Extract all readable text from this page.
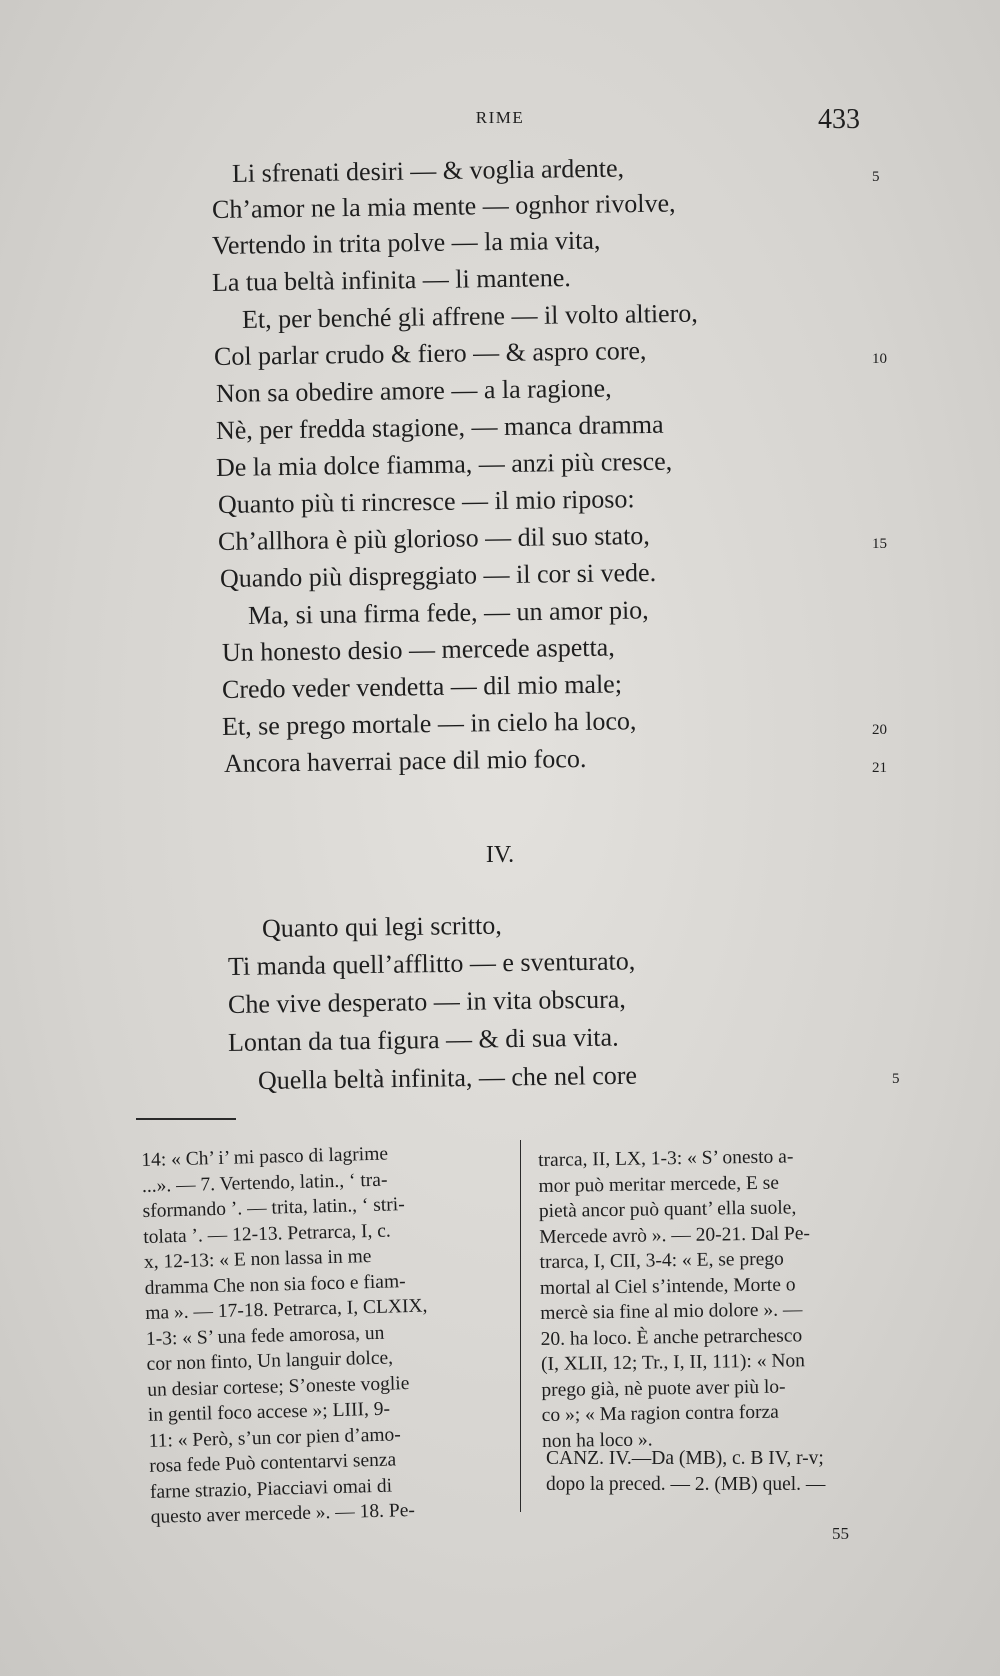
RIME	433
Li sfrenati desiri — & voglia ardente,
Ch’amor ne la mia mente — ognhor rivolve,
Vertendo in trita polve — la mia vita,
La tua beltà infinita — li mantene.
Et, per benché gli affrene — il volto altiero,
Col parlar crudo & fiero — & aspro core,
Non sa obedire amore — a la ragione,
Nè, per fredda stagione, — manca dramma
De la mia dolce fiamma, — anzi più cresce,
Quanto più ti rincresce — il mio riposo:
Ch’allhora è più glorioso — dil suo stato,
Quando più dispreggiato — il cor si vede.
Ma, si una firma fede, — un amor pio,
Un honesto desio — mercede aspetta,
Credo veder vendetta — dil mio male;
Et, se prego mortale — in cielo ha loco,
Ancora haverrai pace dil mio foco.
5
10
15
20
21
IV.
Quanto qui legi scritto,
Ti manda quell’afflitto — e sventurato,
Che vive desperato — in vita obscura,
Lontan da tua figura — & di sua vita.
Quella beltà infinita, — che nel core	5
14: « Ch’ i’ mi pasco di lagrime
...». — 7. Vertendo, latin., ‘ tra-
sformando ’. — trita, latin., ‘ stri-
tolata ’. — 12-13. Petrarca, I, c.
x, 12-13: « E non lassa in me
dramma Che non sia foco e fiam-
ma ». — 17-18. Petrarca, I, CLXIX,
1-3: « S’ una fede amorosa, un
cor non finto, Un languir dolce,
un desiar cortese; S’oneste voglie
in gentil foco accese »; LIII, 9-
11: « Però, s’un cor pien d’amo-
rosa fede Può contentarvi senza
farne strazio, Piacciavi omai di
questo aver mercede ». — 18. Pe-
trarca, II, LX, 1-3: « S’ onesto a-
mor può meritar mercede, E se
pietà ancor può quant’ ella suole,
Mercede avrò ». — 20-21. Dal Pe-
trarca, I, CII, 3-4: « E, se prego
mortal al Ciel s’intende, Morte o
mercè sia fine al mio dolore ». —
20. ha loco. È anche petrarchesco
(I, XLII, 12; Tr., I, II, 111): « Non
prego già, nè puote aver più lo-
co »; « Ma ragion contra forza
non ha loco ».
CANZ. IV.—Da (MB), c. B IV, r-v;
dopo la preced. — 2. (MB) quel. —
55
